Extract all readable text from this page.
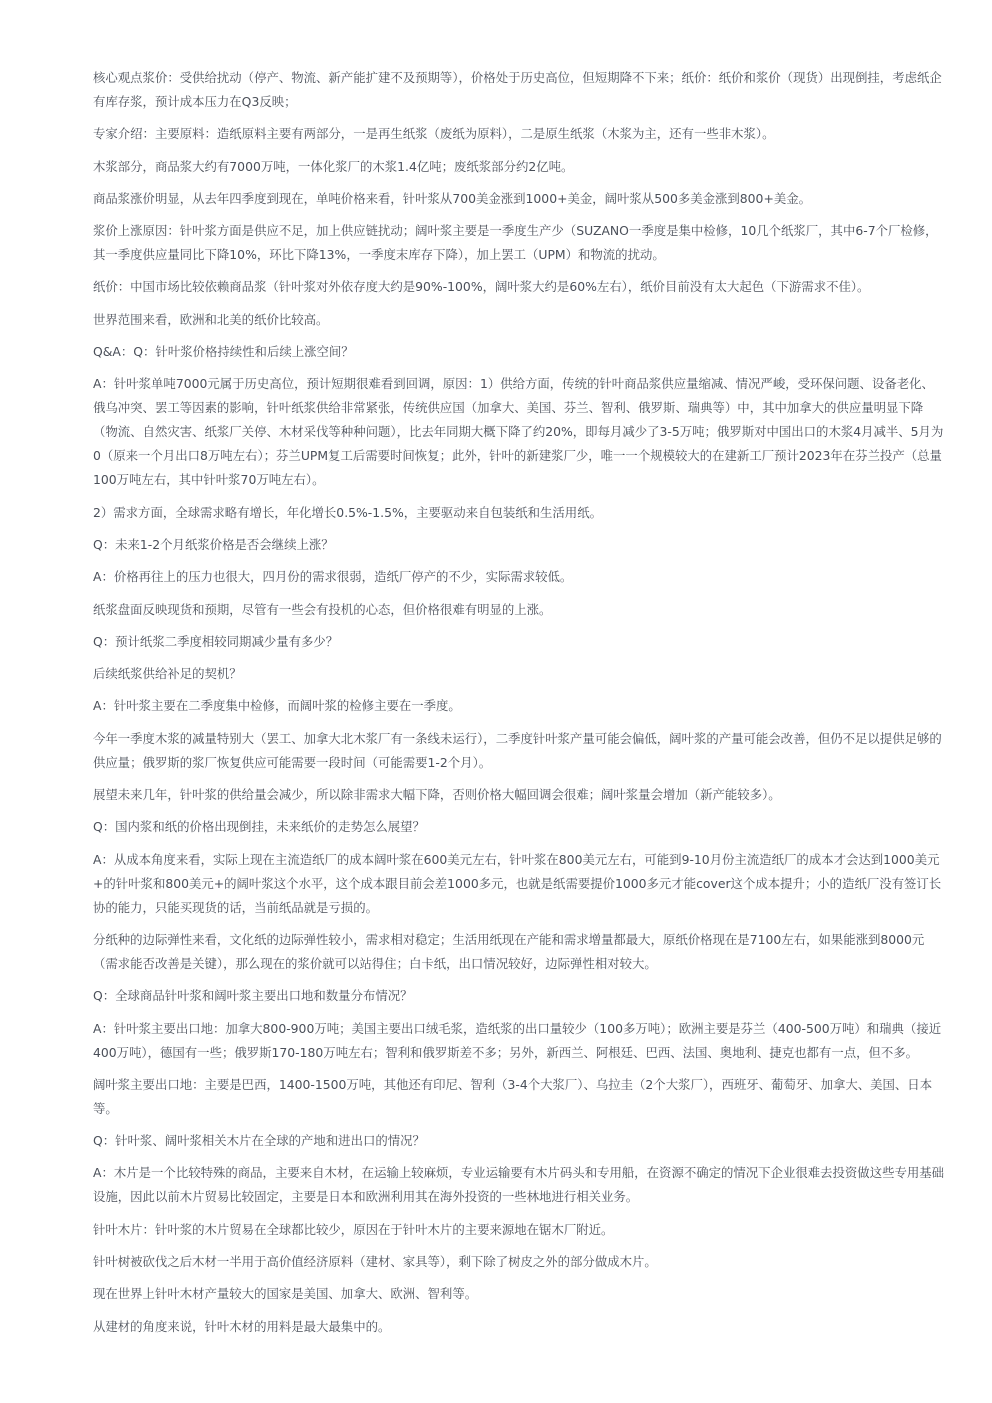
核心观点浆价：受供给扰动（停产、物流、新产能扩建不及预期等），价格处于历史高位，但短期降不下来；纸价：纸价和浆价（现货）出现倒挂，考虑纸企有库存浆，预计成本压力在Q3反映；

专家介绍：主要原料：造纸原料主要有两部分，一是再生纸浆（废纸为原料），二是原生纸浆（木浆为主，还有一些非木浆）。

木浆部分，商品浆大约有7000万吨，一体化浆厂的木浆1.4亿吨；废纸浆部分约2亿吨。

商品浆涨价明显，从去年四季度到现在，单吨价格来看，针叶浆从700美金涨到1000+美金，阔叶浆从500多美金涨到800+美金。

浆价上涨原因：针叶浆方面是供应不足，加上供应链扰动；阔叶浆主要是一季度生产少（SUZANO一季度是集中检修，10几个纸浆厂，其中6-7个厂检修，其一季度供应量同比下降10%，环比下降13%，一季度末库存下降），加上罢工（UPM）和物流的扰动。

纸价：中国市场比较依赖商品浆（针叶浆对外依存度大约是90%-100%，阔叶浆大约是60%左右），纸价目前没有太大起色（下游需求不佳）。

世界范围来看，欧洲和北美的纸价比较高。

Q&A：Q：针叶浆价格持续性和后续上涨空间？

A：针叶浆单吨7000元属于历史高位，预计短期很难看到回调，原因：1）供给方面，传统的针叶商品浆供应量缩减、情况严峻，受环保问题、设备老化、俄乌冲突、罢工等因素的影响，针叶纸浆供给非常紧张，传统供应国（加拿大、美国、芬兰、智利、俄罗斯、瑞典等）中，其中加拿大的供应量明显下降（物流、自然灾害、纸浆厂关停、木材采伐等种种问题），比去年同期大概下降了约20%，即每月减少了3-5万吨；俄罗斯对中国出口的木浆4月减半、5月为0（原来一个月出口8万吨左右）；芬兰UPM复工后需要时间恢复；此外，针叶的新建浆厂少，唯一一个规模较大的在建新工厂预计2023年在芬兰投产（总量100万吨左右，其中针叶浆70万吨左右）。

2）需求方面，全球需求略有增长，年化增长0.5%-1.5%，主要驱动来自包装纸和生活用纸。

Q：未来1-2个月纸浆价格是否会继续上涨？

A：价格再往上的压力也很大，四月份的需求很弱，造纸厂停产的不少，实际需求较低。

纸浆盘面反映现货和预期，尽管有一些会有投机的心态，但价格很难有明显的上涨。

Q：预计纸浆二季度相较同期减少量有多少？

后续纸浆供给补足的契机？

A：针叶浆主要在二季度集中检修，而阔叶浆的检修主要在一季度。

今年一季度木浆的减量特别大（罢工、加拿大北木浆厂有一条线未运行），二季度针叶浆产量可能会偏低，阔叶浆的产量可能会改善，但仍不足以提供足够的供应量；俄罗斯的浆厂恢复供应可能需要一段时间（可能需要1-2个月）。

展望未来几年，针叶浆的供给量会减少，所以除非需求大幅下降，否则价格大幅回调会很难；阔叶浆量会增加（新产能较多）。

Q：国内浆和纸的价格出现倒挂，未来纸价的走势怎么展望？

A：从成本角度来看，实际上现在主流造纸厂的成本阔叶浆在600美元左右，针叶浆在800美元左右，可能到9-10月份主流造纸厂的成本才会达到1000美元+的针叶浆和800美元+的阔叶浆这个水平，这个成本跟目前会差1000多元，也就是纸需要提价1000多元才能cover这个成本提升；小的造纸厂没有签订长协的能力，只能买现货的话，当前纸品就是亏损的。

分纸种的边际弹性来看，文化纸的边际弹性较小，需求相对稳定；生活用纸现在产能和需求增量都最大，原纸价格现在是7100左右，如果能涨到8000元（需求能否改善是关键），那么现在的浆价就可以站得住；白卡纸，出口情况较好，边际弹性相对较大。

Q：全球商品针叶浆和阔叶浆主要出口地和数量分布情况？

A：针叶浆主要出口地：加拿大800-900万吨；美国主要出口绒毛浆，造纸浆的出口量较少（100多万吨）；欧洲主要是芬兰（400-500万吨）和瑞典（接近400万吨），德国有一些；俄罗斯170-180万吨左右；智利和俄罗斯差不多；另外，新西兰、阿根廷、巴西、法国、奥地利、捷克也都有一点，但不多。

阔叶浆主要出口地：主要是巴西，1400-1500万吨，其他还有印尼、智利（3-4个大浆厂）、乌拉圭（2个大浆厂），西班牙、葡萄牙、加拿大、美国、日本等。

Q：针叶浆、阔叶浆相关木片在全球的产地和进出口的情况？

A：木片是一个比较特殊的商品，主要来自木材，在运输上较麻烦，专业运输要有木片码头和专用船，在资源不确定的情况下企业很难去投资做这些专用基础设施，因此以前木片贸易比较固定，主要是日本和欧洲利用其在海外投资的一些林地进行相关业务。

针叶木片：针叶浆的木片贸易在全球都比较少，原因在于针叶木片的主要来源地在锯木厂附近。

针叶树被砍伐之后木材一半用于高价值经济原料（建材、家具等），剩下除了树皮之外的部分做成木片。

现在世界上针叶木材产量较大的国家是美国、加拿大、欧洲、智利等。

从建材的角度来说，针叶木材的用料是最大最集中的。
